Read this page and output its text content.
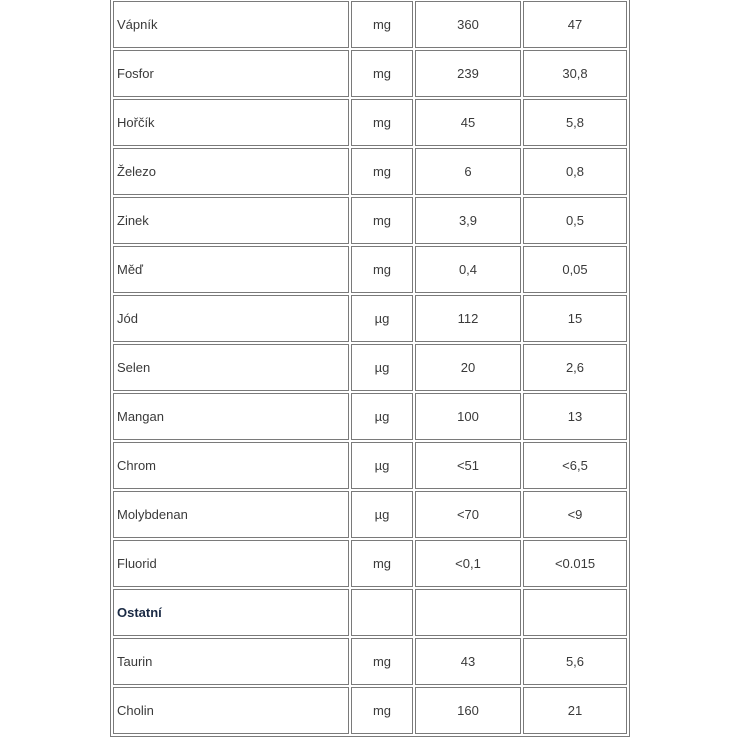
Vápník	mg	360	47
Fosfor	mg	239	30,8
Hořčík	mg	45	5,8
Železo	mg	6	0,8
Zinek	mg	3,9	0,5
Měď	mg	0,4	0,05
Jód	µg	112	15
Selen	µg	20	2,6
Mangan	µg	100	13
Chrom	µg	<51	<6,5
Molybdenan	µg	<70	<9
Fluorid	mg	<0,1	<0.015
Ostatní			
Taurin	mg	43	5,6
Cholin	mg	160	21
